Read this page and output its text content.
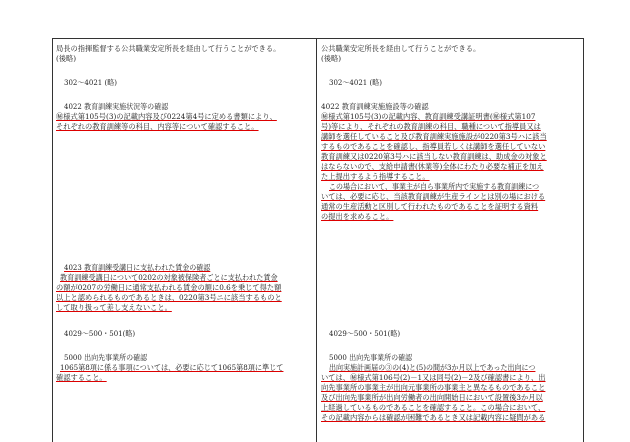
局長の指揮監督する公共職業安定所長を経由して行うことができる。
(後略)
302～4021 (略)
4022 教育訓練実施状況等の確認
㊙様式第105号(3)の記載内容及び0224第4号に定める書類により、
それぞれの教育訓練等の科目、内容等について確認すること。
4023 教育訓練受講日に支払われた賃金の確認
教育訓練受講日について0202の対象被保険者ごとに支払われた賃金
の額が0207の労働日に通常支払われる賃金の額に0.6を乗じて得た額
以上と認められるものであるときは、0220第3号ニに該当するものと
して取り扱って差し支えないこと。
4029～500・501(略)
5000 出向先事業所の確認
1065第8項に係る事項については、必要に応じて1065第8項に準じて
確認すること。
公共職業安定所長を経由して行うことができる。
(後略)
302～4021 (略)
4022 教育訓練実施施設等の確認
㊙様式第105号(3)の記載内容、教育訓練受講証明書(㊙様式第107
号)等により、それぞれの教育訓練の科目、職種について指導員又は
講師を選任していること及び教育訓練実施施設が0220第3号ハに該当
するものであることを確認し、指導員若しくは講師を選任していない
教育訓練又は0220第3号ハに該当しない教育訓練は、助成金の対象と
はならないので、支給申請書(休業等)全体にわたり必要な補正を加え
た上提出するよう指導すること。
この場合において、事業主が自ら事業所内で実施する教育訓練につ
いては、必要に応じ、当該教育訓練が生産ラインとは別の場における
通常の生産活動と区別して行われたものであることを証明する資料
の提出を求めること。
4029～500・501(略)
5000 出向先事業所の確認
出向実施計画届の③の(4)と(5)の間が3か月以上であった出向につ
いては、㊙様式第106号(2)－1又は同号(2)－2及び確認書により、出
向先事業所の事業主が出向元事業所の事業主と異なるものであること
及び出向先事業所が出向労働者の出向開始日において設置後3か月以
上経過しているものであることを確認すること。この場合において、
その記載内容からは確認が困難であるとき又は記載内容に疑問がある
